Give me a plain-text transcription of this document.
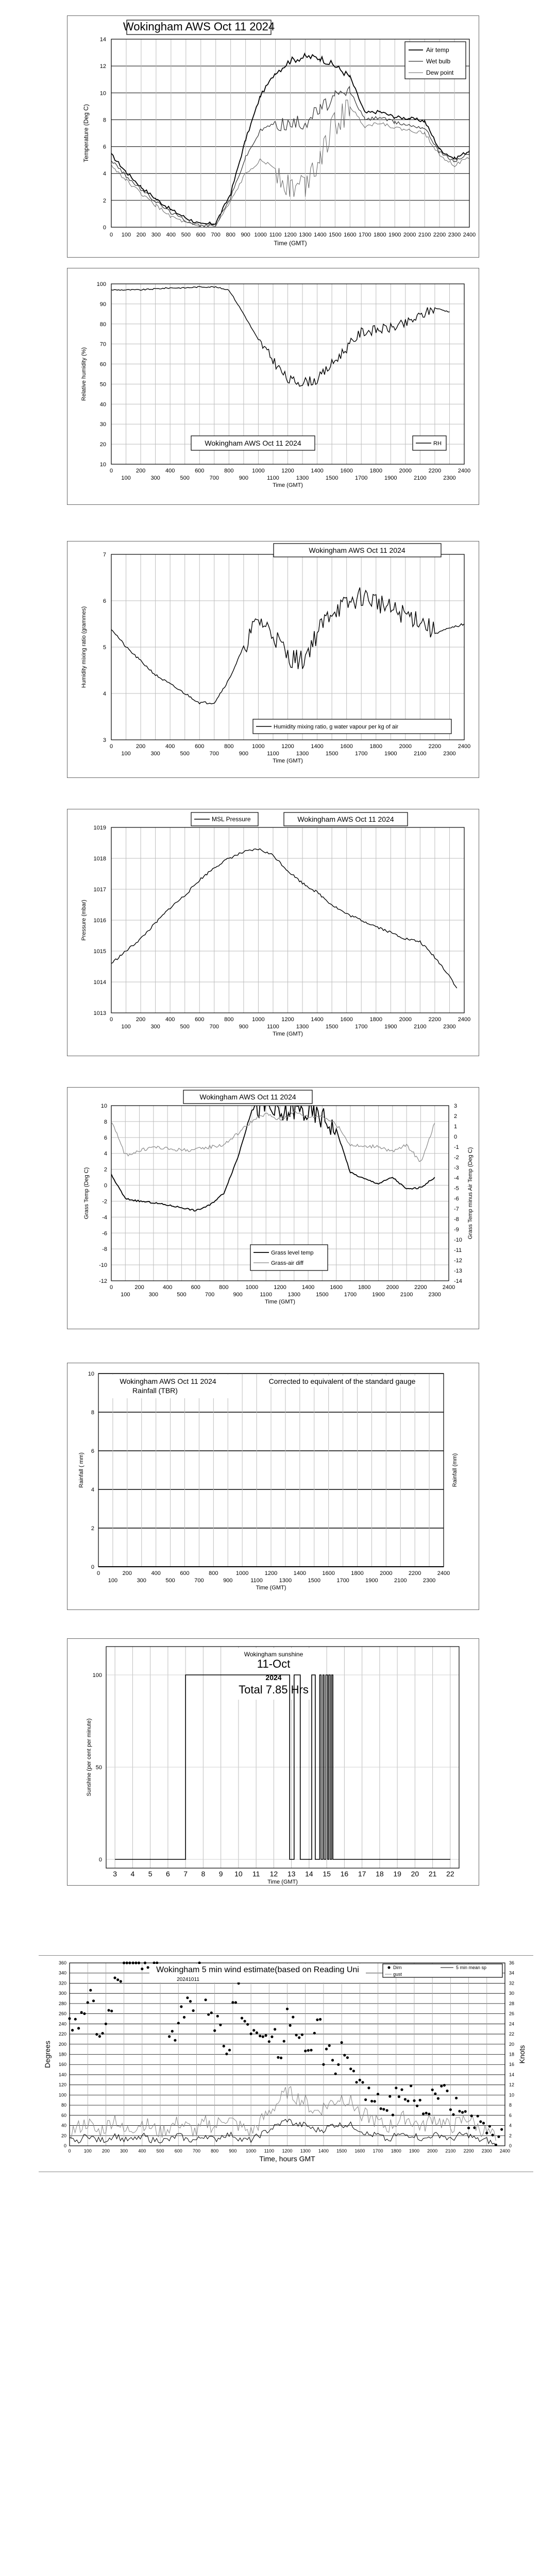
0
2
4
6
8
10
12
14
0 100 200 300 400 500 600 700 800 900 1000 1100 1200 1300 1400 1500 1600 1700 1800 1900 2000 2100 2200 2300 2400
Time (GMT)
Temperature (Deg C)
Wokingham AWS Oct 11 2024
Air temp
Wet bulb
Dew point
10
20
30
40
50
60
70
80
90
100
0	200	400	600	800	1000	1200	1400	1600	1800	2000	2200	2400
100	300	500	700	900	1100	1300	1500	1700	1900	2100	2300
Time (GMT)
Relative humidity (%)
Wokingham AWS Oct 11 2024	RH
3
4
5
6
7
0	200	400	600	800	1000	1200	1400	1600	1800	2000	2200	2400
100	300	500	700	900	1100	1300	1500	1700	1900	2100	2300
Time (GMT)
Humidity mixing ratio (grammes)
Wokingham AWS Oct 11 2024
Humidity mixing ratio, g water vapour per kg of air
1013
1014
1015
1016
1017
1018
1019
0	200	400	600	800	1000	1200	1400	1600	1800	2000	2200	2400
100	300	500	700	900	1100	1300	1500	1700	1900	2100	2300
Time (GMT)
Pressure (mbar)
MSL Pressure	Wokingham AWS Oct 11 2024
10
8
6
4
2
0
-2
-4
-6
-8
-10
-12
3
2
1
0
-1
-2
-3
-4
-5
-6
-7
-8
-9
-10
-11
-12
-13
-14
0	200	400	600	800	1000	1200	1400	1600	1800	2000	2200	2400
100	300	500	700	900	1100	1300	1500	1700	1900	2100	2300
Time (GMT)
Grass Temp (Deg C)	Grass Temp minus Air Temp (Deg C)
Wokingham AWS Oct 11 2024
Grass level temp
Grass-air diff
0
2
4
6
8
10
0	200	400	600	800	1000	1200	1400	1600	1800	2000	2200	2400
100	300	500	700	900	1100	1300	1500	1700	1900	2100	2300
Time (GMT)
Rainfall ( mm)	Rainfall (mm)
Wokingham AWS Oct 11 2024
Rainfall (TBR)
Corrected to equivalent of the standard gauge
0
50
100
3 4 5 6 7 8 9 10 11 12 13 14 15 16 17 18 19 20 21 22
Time (GMT)
Sunshine (per cent per minute)
Wokingham sunshine
11-Oct
2024
Total 7.85 Hrs
0
20
40
60
80
100
120
140
160
180
200
220
240
260
280
300
320
340
360
0
2
4
6
8
10
12
14
16
18
20
22
24
26
28
30
32
34
36
0	100 200 300 400 500 600 700 800 900 1000 1100 1200 1300 1400 1500 1600 1700 1800 1900 2000 2100 2200 2300 2400
Time, hours GMT
Degrees	Knots
Wokingham 5 min wind estimate(based on Reading Uni
20241011
Dirn
gust
5 min mean sp
